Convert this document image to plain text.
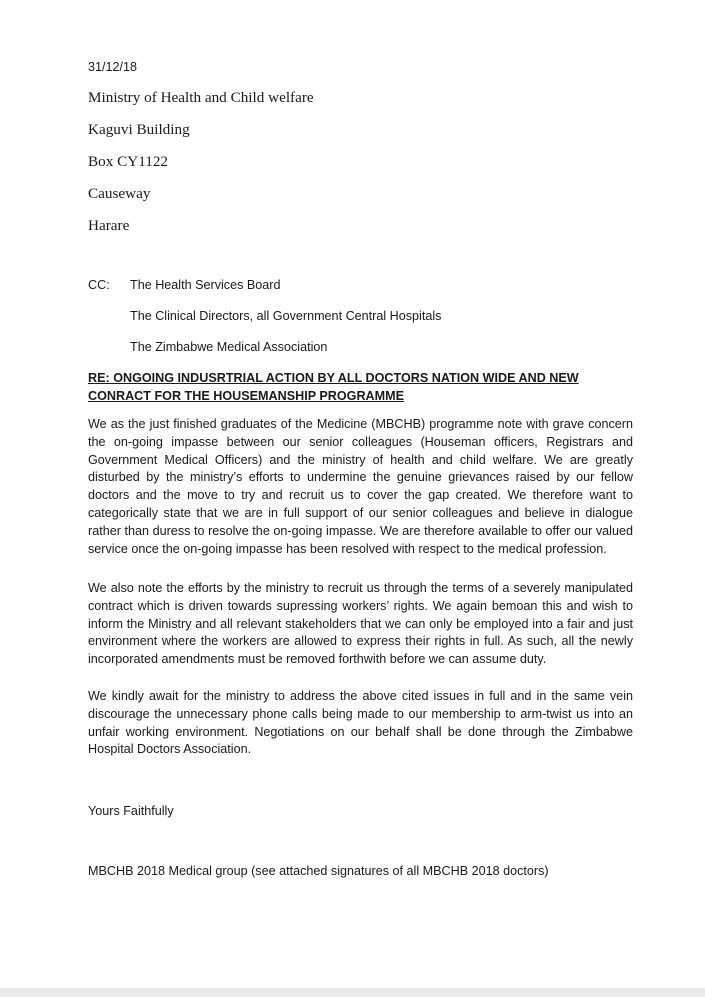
31/12/18
Ministry of Health and Child welfare
Kaguvi Building
Box CY1122
Causeway
Harare
CC: The Health Services Board
The Clinical Directors, all Government Central Hospitals
The Zimbabwe Medical Association
RE: ONGOING INDUSRTRIAL ACTION BY ALL DOCTORS NATION WIDE AND NEW CONRACT FOR THE HOUSEMANSHIP PROGRAMME
We as the just finished graduates of the Medicine (MBCHB) programme note with grave concern the on-going impasse between our senior colleagues (Houseman officers, Registrars and Government Medical Officers) and the ministry of health and child welfare. We are greatly disturbed by the ministry’s efforts to undermine the genuine grievances raised by our fellow doctors and the move to try and recruit us to cover the gap created. We therefore want to categorically state that we are in full support of our senior colleagues and believe in dialogue rather than duress to resolve the on-going impasse. We are therefore available to offer our valued service once the on-going impasse has been resolved with respect to the medical profession.
We also note the efforts by the ministry to recruit us through the terms of a severely manipulated contract which is driven towards supressing workers’ rights. We again bemoan this and wish to inform the Ministry and all relevant stakeholders that we can only be employed into a fair and just environment where the workers are allowed to express their rights in full. As such, all the newly incorporated amendments must be removed forthwith before we can assume duty.
We kindly await for the ministry to address the above cited issues in full and in the same vein discourage the unnecessary phone calls being made to our membership to arm-twist us into an unfair working environment. Negotiations on our behalf shall be done through the Zimbabwe Hospital Doctors Association.
Yours Faithfully
MBCHB 2018 Medical group (see attached signatures of all MBCHB 2018 doctors)
